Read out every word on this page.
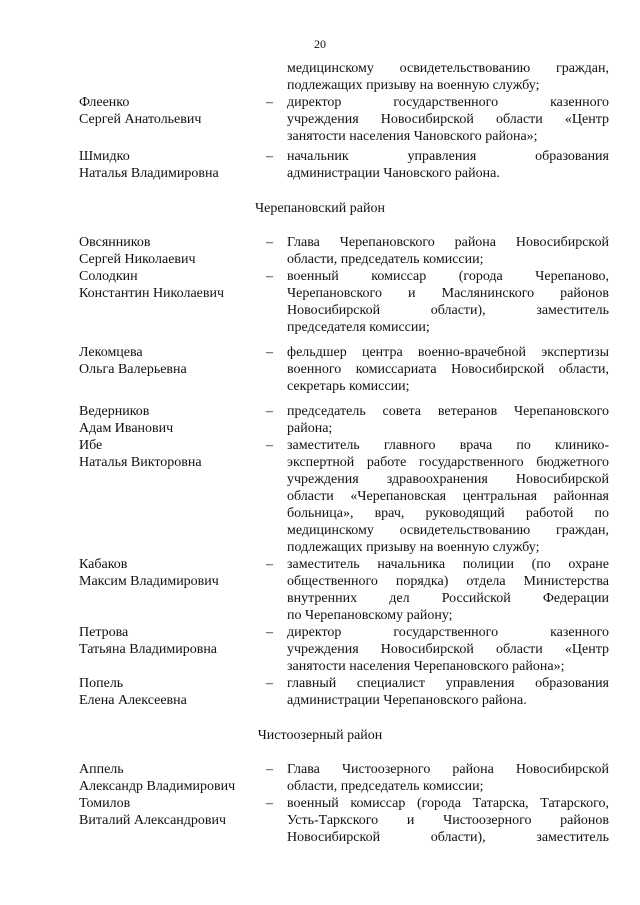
20
медицинскому освидетельствованию граждан,
подлежащих призыву на военную службу;
Флеенко
Сергей Анатольевич
–	директор государственного казенного
учреждения Новосибирской области «Центр
занятости населения Чановского района»;
Шмидко
Наталья Владимировна
–	начальник управления образования
администрации Чановского района.
Черепановский район
Овсянников
Сергей Николаевич
–	Глава Черепановского района Новосибирской
области, председатель комиссии;
Солодкин
Константин Николаевич
–	военный комиссар (города Черепаново,
Черепановского и Маслянинского районов
Новосибирской области), заместитель
председателя комиссии;
Лекомцева
Ольга Валерьевна
–	фельдшер центра военно-врачебной экспертизы
военного комиссариата Новосибирской области,
секретарь комиссии;
Ведерников
Адам Иванович
–	председатель совета ветеранов Черепановского
района;
Ибе
Наталья Викторовна
–	заместитель главного врача по клинико-
экспертной работе государственного бюджетного
учреждения здравоохранения Новосибирской
области «Черепановская центральная районная
больница», врач, руководящий работой по
медицинскому освидетельствованию граждан,
подлежащих призыву на военную службу;
Кабаков
Максим Владимирович
–	заместитель начальника полиции (по охране
общественного порядка) отдела Министерства
внутренних дел Российской Федерации
по Черепановскому району;
Петрова
Татьяна Владимировна
–	директор государственного казенного
учреждения Новосибирской области «Центр
занятости населения Черепановского района»;
Попель
Елена Алексеевна
–	главный специалист управления образования
администрации Черепановского района.
Чистоозерный район
Аппель
Александр Владимирович
–	Глава Чистоозерного района Новосибирской
области, председатель комиссии;
Томилов
Виталий Александрович
–	военный комиссар (города Татарска, Татарского,
Усть-Таркского и Чистоозерного районов
Новосибирской области), заместитель
